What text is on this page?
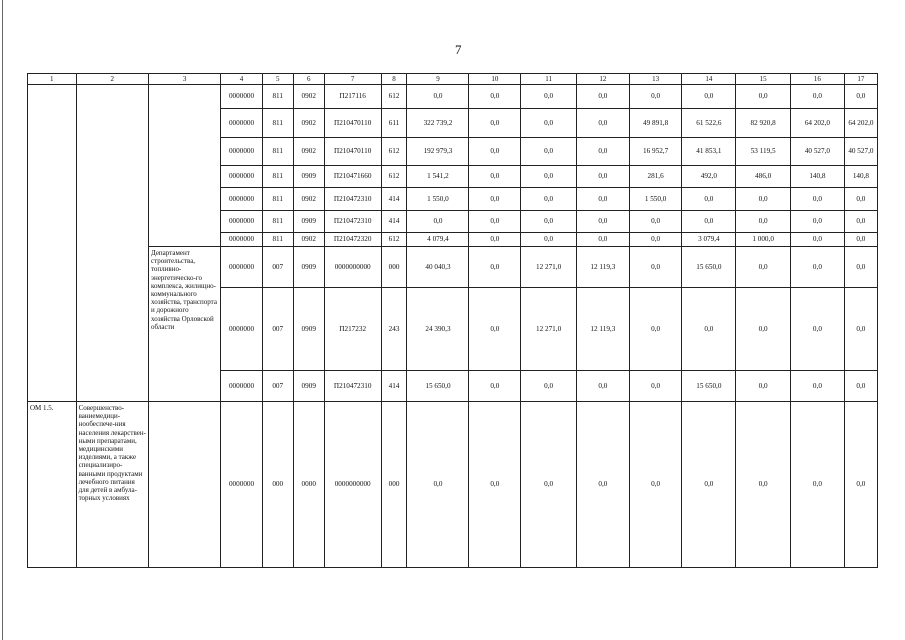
7
1	2	3	4	5	6	7	8	9	10	11	12	13	14	15	16	17
			0000000	811	0902	П217116	612	0,0	0,0	0,0	0,0	0,0	0,0	0,0	0,0	0,0
			0000000	811	0902	П210470110	611	322 739,2	0,0	0,0	0,0	49 891,8	61 522,6	82 920,8	64 202,0	64 202,0
			0000000	811	0902	П210470110	612	192 979,3	0,0	0,0	0,0	16 952,7	41 853,1	53 119,5	40 527,0	40 527,0
			0000000	811	0909	П210471660	612	1 541,2	0,0	0,0	0,0	281,6	492,0	486,0	140,8	140,8
			0000000	811	0902	П210472310	414	1 550,0	0,0	0,0	0,0	1 550,0	0,0	0,0	0,0	0,0
			0000000	811	0909	П210472310	414	0,0	0,0	0,0	0,0	0,0	0,0	0,0	0,0	0,0
			0000000	811	0902	П210472320	612	4 079,4	0,0	0,0	0,0	0,0	3 079,4	1 000,0	0,0	0,0
		Департамент строительства, топливно-энергетическо-го комплекса, жилищно-коммунального хозяйства, транспорта и дорожного хозяйства Орловской области	0000000	007	0909	0000000000	000	40 040,3	0,0	12 271,0	12 119,3	0,0	15 650,0	0,0	0,0	0,0
			0000000	007	0909	П217232	243	24 390,3	0,0	12 271,0	12 119,3	0,0	0,0	0,0	0,0	0,0
			0000000	007	0909	П210472310	414	15 650,0	0,0	0,0	0,0	0,0	15 650,0	0,0	0,0	0,0
ОМ 1.5.	Совершенство-ваниемедици-нообеспече-ния населения лекарствен-ными препаратами, медицинскими изделиями, а также специализиро-ванными продуктами лечебного питания для детей в амбула-торных условиях		0000000	000	0000	0000000000	000	0,0	0,0	0,0	0,0	0,0	0,0	0,0	0,0	0,0
